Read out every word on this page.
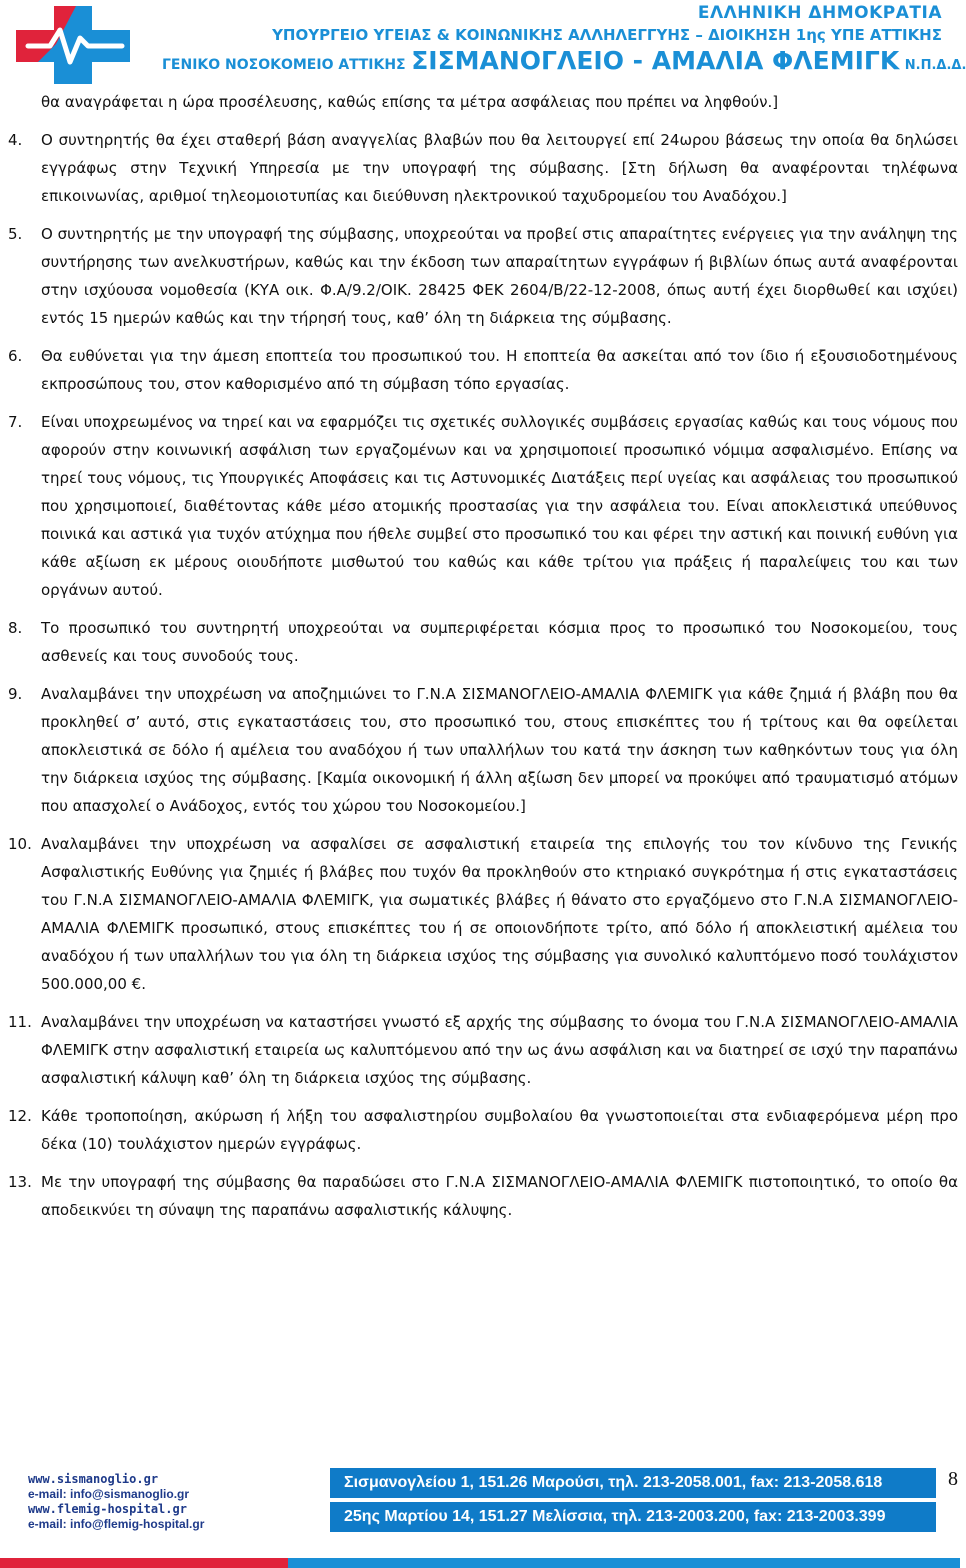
ΕΛΛΗΝΙΚΗ ΔΗΜΟΚΡΑΤΙΑ
ΥΠΟΥΡΓΕΙΟ ΥΓΕΙΑΣ & ΚΟΙΝΩΝΙΚΗΣ ΑΛΛΗΛΕΓΓΥΗΣ – ΔΙΟΙΚΗΣΗ 1ης ΥΠΕ ΑΤΤΙΚΗΣ
ΓΕΝΙΚΟ ΝΟΣΟΚΟΜΕΙΟ ΑΤΤΙΚΗΣ ΣΙΣΜΑΝΟΓΛΕΙΟ - ΑΜΑΛΙΑ ΦΛΕΜΙΓΚ Ν.Π.Δ.Δ.

θα αναγράφεται η ώρα προσέλευσης, καθώς επίσης τα μέτρα ασφάλειας που πρέπει να ληφθούν.]

4. Ο συντηρητής θα έχει σταθερή βάση αναγγελίας βλαβών που θα λειτουργεί επί 24ωρου βάσεως την οποία θα δηλώσει εγγράφως στην Τεχνική Υπηρεσία με την υπογραφή της σύμβασης. [Στη δήλωση θα αναφέρονται τηλέφωνα επικοινωνίας, αριθμοί τηλεομοιοτυπίας και διεύθυνση ηλεκτρονικού ταχυδρομείου του Αναδόχου.]
5. Ο συντηρητής με την υπογραφή της σύμβασης, υποχρεούται να προβεί στις απαραίτητες ενέργειες για την ανάληψη της συντήρησης των ανελκυστήρων, καθώς και την έκδοση των απαραίτητων εγγράφων ή βιβλίων όπως αυτά αναφέρονται στην ισχύουσα νομοθεσία (ΚΥΑ οικ. Φ.Α/9.2/ΟΙΚ. 28425 ΦΕΚ 2604/Β/22-12-2008, όπως αυτή έχει διορθωθεί και ισχύει) εντός 15 ημερών καθώς και την τήρησή τους, καθ’ όλη τη διάρκεια της σύμβασης.
6. Θα ευθύνεται για την άμεση εποπτεία του προσωπικού του. Η εποπτεία θα ασκείται από τον ίδιο ή εξουσιοδοτημένους εκπροσώπους του, στον καθορισμένο από τη σύμβαση τόπο εργασίας.
7. Είναι υποχρεωμένος να τηρεί και να εφαρμόζει τις σχετικές συλλογικές συμβάσεις εργασίας καθώς και τους νόμους που αφορούν στην κοινωνική ασφάλιση των εργαζομένων και να χρησιμοποιεί προσωπικό νόμιμα ασφαλισμένο. Επίσης να τηρεί τους νόμους, τις Υπουργικές Αποφάσεις και τις Αστυνομικές Διατάξεις περί υγείας και ασφάλειας του προσωπικού που χρησιμοποιεί, διαθέτοντας κάθε μέσο ατομικής προστασίας για την ασφάλεια του. Είναι αποκλειστικά υπεύθυνος ποινικά και αστικά για τυχόν ατύχημα που ήθελε συμβεί στο προσωπικό του και φέρει την αστική και ποινική ευθύνη για κάθε αξίωση εκ μέρους οιουδήποτε μισθωτού του καθώς και κάθε τρίτου για πράξεις ή παραλείψεις του και των οργάνων αυτού.
8. Το προσωπικό του συντηρητή υποχρεούται να συμπεριφέρεται κόσμια προς το προσωπικό του Νοσοκομείου, τους ασθενείς και τους συνοδούς τους.
9. Αναλαμβάνει την υποχρέωση να αποζημιώνει το Γ.Ν.Α ΣΙΣΜΑΝΟΓΛΕΙΟ-ΑΜΑΛΙΑ ΦΛΕΜΙΓΚ για κάθε ζημιά ή βλάβη που θα προκληθεί σ’ αυτό, στις εγκαταστάσεις του, στο προσωπικό του, στους επισκέπτες του ή τρίτους και θα οφείλεται αποκλειστικά σε δόλο ή αμέλεια του αναδόχου ή των υπαλλήλων του κατά την άσκηση των καθηκόντων τους για όλη την διάρκεια ισχύος της σύμβασης. [Καμία οικονομική ή άλλη αξίωση δεν μπορεί να προκύψει από τραυματισμό ατόμων που απασχολεί ο Ανάδοχος, εντός του χώρου του Νοσοκομείου.]
10. Αναλαμβάνει την υποχρέωση να ασφαλίσει σε ασφαλιστική εταιρεία της επιλογής του τον κίνδυνο της Γενικής Ασφαλιστικής Ευθύνης για ζημιές ή βλάβες που τυχόν θα προκληθούν στο κτηριακό συγκρότημα ή στις εγκαταστάσεις του Γ.Ν.Α ΣΙΣΜΑΝΟΓΛΕΙΟ-ΑΜΑΛΙΑ ΦΛΕΜΙΓΚ, για σωματικές βλάβες ή θάνατο στο εργαζόμενο στο Γ.Ν.Α ΣΙΣΜΑΝΟΓΛΕΙΟ-ΑΜΑΛΙΑ ΦΛΕΜΙΓΚ προσωπικό, στους επισκέπτες του ή σε οποιονδήποτε τρίτο, από δόλο ή αποκλειστική αμέλεια του αναδόχου ή των υπαλλήλων του για όλη τη διάρκεια ισχύος της σύμβασης για συνολικό καλυπτόμενο ποσό τουλάχιστον 500.000,00 €.
11. Αναλαμβάνει την υποχρέωση να καταστήσει γνωστό εξ αρχής της σύμβασης το όνομα του Γ.Ν.Α ΣΙΣΜΑΝΟΓΛΕΙΟ-ΑΜΑΛΙΑ ΦΛΕΜΙΓΚ στην ασφαλιστική εταιρεία ως καλυπτόμενου από την ως άνω ασφάλιση και να διατηρεί σε ισχύ την παραπάνω ασφαλιστική κάλυψη καθ’ όλη τη διάρκεια ισχύος της σύμβασης.
12. Κάθε τροποποίηση, ακύρωση ή λήξη του ασφαλιστηρίου συμβολαίου θα γνωστοποιείται στα ενδιαφερόμενα μέρη προ δέκα (10) τουλάχιστον ημερών εγγράφως.
13. Με την υπογραφή της σύμβασης θα παραδώσει στο Γ.Ν.Α ΣΙΣΜΑΝΟΓΛΕΙΟ-ΑΜΑΛΙΑ ΦΛΕΜΙΓΚ πιστοποιητικό, το οποίο θα αποδεικνύει τη σύναψη της παραπάνω ασφαλιστικής κάλυψης.
www.sismanoglio.gr
e-mail: info@sismanoglio.gr
www.flemig-hospital.gr
e-mail: info@flemig-hospital.gr
Σισμανογλείου 1, 151.26 Μαρούσι, τηλ. 213-2058.001, fax: 213-2058.618
25ης Μαρτίου 14, 151.27 Μελίσσια, τηλ. 213-2003.200, fax: 213-2003.399
8
